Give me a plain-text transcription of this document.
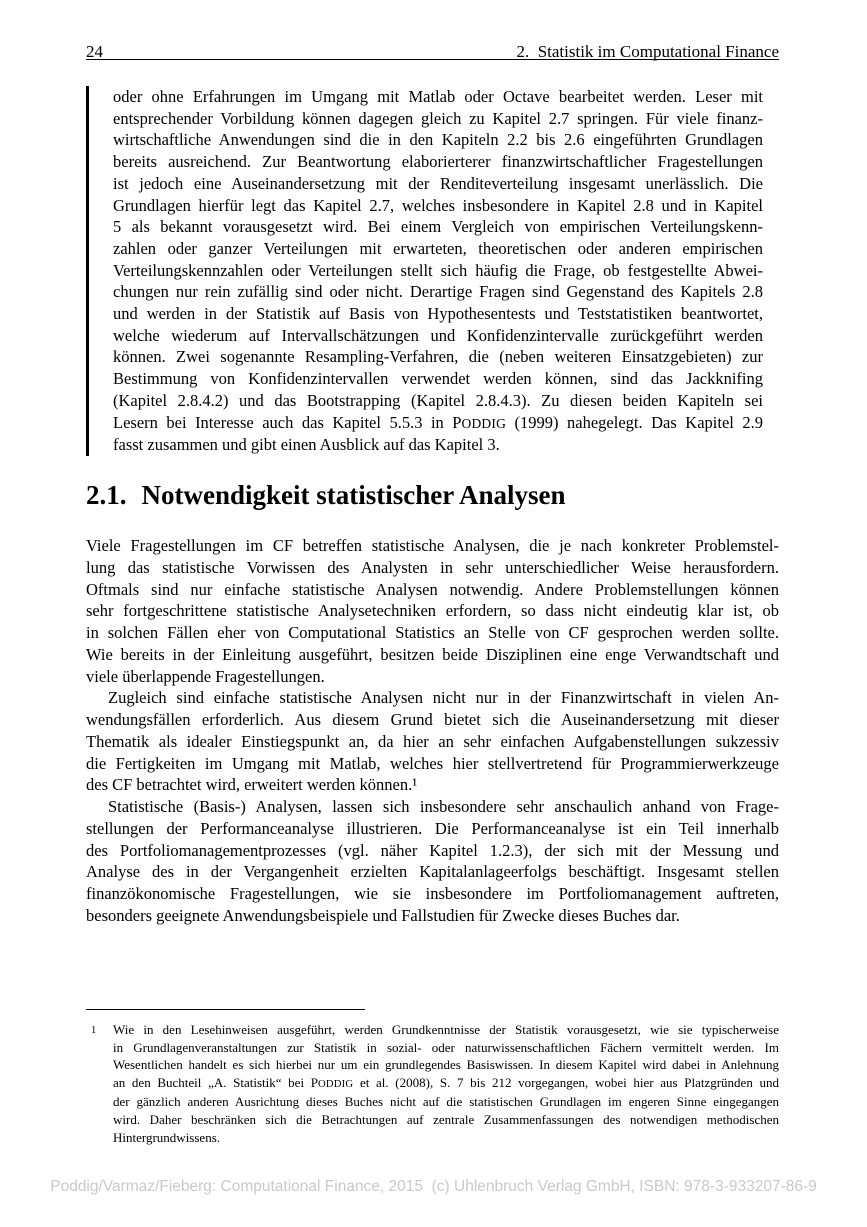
24	2.  Statistik im Computational Finance
oder ohne Erfahrungen im Umgang mit Matlab oder Octave bearbeitet werden. Leser mit
entsprechender Vorbildung können dagegen gleich zu Kapitel 2.7 springen. Für viele finanz-
wirtschaftliche Anwendungen sind die in den Kapiteln 2.2 bis 2.6 eingeführten Grundlagen
bereits ausreichend. Zur Beantwortung elaborierterer finanzwirtschaftlicher Fragestellungen
ist jedoch eine Auseinandersetzung mit der Renditeverteilung insgesamt unerlässlich. Die
Grundlagen hierfür legt das Kapitel 2.7, welches insbesondere in Kapitel 2.8 und in Kapitel
5 als bekannt vorausgesetzt wird. Bei einem Vergleich von empirischen Verteilungskenn-
zahlen oder ganzer Verteilungen mit erwarteten, theoretischen oder anderen empirischen
Verteilungskennzahlen oder Verteilungen stellt sich häufig die Frage, ob festgestellte Abwei-
chungen nur rein zufällig sind oder nicht. Derartige Fragen sind Gegenstand des Kapitels 2.8
und werden in der Statistik auf Basis von Hypothesentests und Teststatistiken beantwortet,
welche wiederum auf Intervallschätzungen und Konfidenzintervalle zurückgeführt werden
können. Zwei sogenannte Resampling-Verfahren, die (neben weiteren Einsatzgebieten) zur
Bestimmung von Konfidenzintervallen verwendet werden können, sind das Jackknifing
(Kapitel 2.8.4.2) und das Bootstrapping (Kapitel 2.8.4.3). Zu diesen beiden Kapiteln sei
Lesern bei Interesse auch das Kapitel 5.5.3 in PODDIG (1999) nahegelegt. Das Kapitel 2.9
fasst zusammen und gibt einen Ausblick auf das Kapitel 3.
2.1. Notwendigkeit statistischer Analysen
Viele Fragestellungen im CF betreffen statistische Analysen, die je nach konkreter Problemstel-
lung das statistische Vorwissen des Analysten in sehr unterschiedlicher Weise herausfordern.
Oftmals sind nur einfache statistische Analysen notwendig. Andere Problemstellungen können
sehr fortgeschrittene statistische Analysetechniken erfordern, so dass nicht eindeutig klar ist, ob
in solchen Fällen eher von Computational Statistics an Stelle von CF gesprochen werden sollte.
Wie bereits in der Einleitung ausgeführt, besitzen beide Disziplinen eine enge Verwandtschaft und
viele überlappende Fragestellungen.
Zugleich sind einfache statistische Analysen nicht nur in der Finanzwirtschaft in vielen An-
wendungsfällen erforderlich. Aus diesem Grund bietet sich die Auseinandersetzung mit dieser
Thematik als idealer Einstiegspunkt an, da hier an sehr einfachen Aufgabenstellungen sukzessiv
die Fertigkeiten im Umgang mit Matlab, welches hier stellvertretend für Programmierwerkzeuge
des CF betrachtet wird, erweitert werden können.¹
Statistische (Basis-) Analysen, lassen sich insbesondere sehr anschaulich anhand von Frage-
stellungen der Performanceanalyse illustrieren. Die Performanceanalyse ist ein Teil innerhalb
des Portfoliomanagementprozesses (vgl. näher Kapitel 1.2.3), der sich mit der Messung und
Analyse des in der Vergangenheit erzielten Kapitalanlageerfolgs beschäftigt. Insgesamt stellen
finanzökonomische Fragestellungen, wie sie insbesondere im Portfoliomanagement auftreten,
besonders geeignete Anwendungsbeispiele und Fallstudien für Zwecke dieses Buches dar.
1 Wie in den Lesehinweisen ausgeführt, werden Grundkenntnisse der Statistik vorausgesetzt, wie sie typischerweise
in Grundlagenveranstaltungen zur Statistik in sozial- oder naturwissenschaftlichen Fächern vermittelt werden. Im
Wesentlichen handelt es sich hierbei nur um ein grundlegendes Basiswissen. In diesem Kapitel wird dabei in Anlehnung
an den Buchteil „A. Statistik“ bei PODDIG et al. (2008), S. 7 bis 212 vorgegangen, wobei hier aus Platzgründen und
der gänzlich anderen Ausrichtung dieses Buches nicht auf die statistischen Grundlagen im engeren Sinne eingegangen
wird. Daher beschränken sich die Betrachtungen auf zentrale Zusammenfassungen des notwendigen methodischen
Hintergrundwissens.
Poddig/Varmaz/Fieberg: Computational Finance, 2015  (c) Uhlenbruch Verlag GmbH, ISBN: 978-3-933207-86-9
